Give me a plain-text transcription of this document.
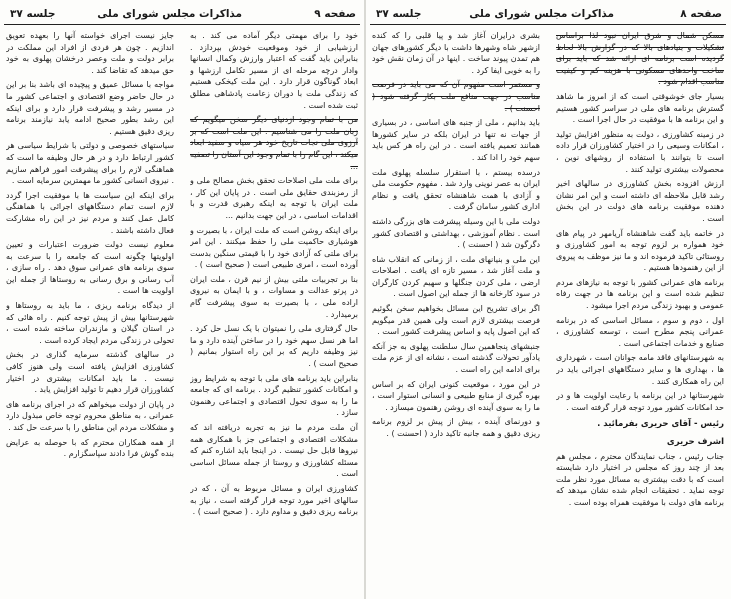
صفحه ۹
مذاکرات مجلس شورای ملی
جلسه ۳۷

خود را برای مهمتی دیگر آماده می کند . به ارزشیابی از خود وموقعیت خودش بپردازد . بنابراین باید گفت که اعتبار وارزش وکمال انسانها وادار درچه مرحله ای از مسیر تکامل ارزشها و ابعاد گوناگون قرار دارد . این ملت کیخکی هستیم که زندگی ملت با دوران زعامت پادشاهی مطلق ثبت شده است .

من با تمام وجود ازدنیای دیگر سخن میگویم که زبان ملت را می شناسیم . این ملت است که بر آرزوی ملی نجات تاریخ خود هر سیاه و سفید ابعاد میکند ، این گام را با تمام وجود این آستان را تصفیه ...

برای ملت ملی اصلاحات تحقق بخش مصالح ملی و از رمزبندی حقایق ملی است . در پایان این کار ، ملت ایران با توجه به اینکه رهبری قدرت و با اقدامات اساسی ، در این جهت بدانیم ...

برای اینکه روشن است که ملت ایران ، با بصیرت و هوشیاری حاکمیت ملی را حفظ میکنند . این امر برای ملتی که آزادی خود را با قیمتی سنگین بدست آورده است ، امری طبیعی است ( صحیح است ) .

بنا بر تجربیات ملتی بیش از نیم قرن ، ملت ایران در پرتو عدالت و مساوات ، و با ایمان به نیروی اراده ملی ، با بصیرت به سوی پیشرفت گام برمیدارد .

حال گرفتاری ملی را نمیتوان با یک نسل حل کرد . اما هر نسل سهم خود را در ساختن آینده دارد و ما نیز وظیفه داریم که بر این راه استوار بمانیم ( صحیح است ) .

بنابراین باید برنامه های ملی با توجه به شرایط روز و امکانات کشور تنظیم گردد . برنامه ای که جامعه ما را به سوی تحول اقتصادی و اجتماعی رهنمون سازد .

آن ملت مردم ما نیز به تجربه دریافته اند که مشکلات اقتصادی و اجتماعی جز با همکاری همه نیروها قابل حل نیست . در اینجا باید اشاره کنم که مسئله کشاورزی و روستا از جمله مسائل اساسی است .

کشاورزی ایران و مسائل مربوط به آن ، که در سالهای اخیر مورد توجه قرار گرفته است ، نیاز به برنامه ریزی دقیق و مداوم دارد . ( صحیح است ) .

جایز نیست اجرای خواسته آنها را بعهده تعویق اندازیم . چون هر فردی از افراد این مملکت در برابر دولت و ملت وعصر درخشان پهلوی به خود حق میدهد که تقاضا کند .

مواجه با مسائل عمیق و پیچیده ای باشد بنا بر این در حال حاضر وضع اقتصادی و اجتماعی کشور ما در مسیر رشد و پیشرفت قرار دارد و برای اینکه این رشد بطور صحیح ادامه یابد نیازمند برنامه ریزی دقیق هستیم .

سیاستهای خصوصی و دولتی با شرایط سیاسی هر کشور ارتباط دارد و در هر حال وظیفه ما است که هماهنگی لازم را برای پیشرفت امور فراهم سازیم . نیروی انسانی کشور ما مهمترین سرمایه است .

برای اینکه این سیاست ها با موفقیت اجرا گردد لازم است تمام دستگاههای اجرائی با هماهنگی کامل عمل کنند و مردم نیز در این راه مشارکت فعال داشته باشند .

معلوم نیست دولت ضرورت اعتبارات و تعیین اولویتها چگونه است که جامعه را با سرعت به سوی برنامه های عمرانی سوق دهد . راه سازی ، آب رسانی و برق رسانی به روستاها از جمله این اولویت ها است .

از دیدگاه برنامه ریزی ، ما باید به روستاها و شهرستانها بیش از پیش توجه کنیم . راه هائی که در استان گیلان و مازندران ساخته شده است ، تحولی در زندگی مردم ایجاد کرده است .

در سالهای گذشته سرمایه گذاری در بخش کشاورزی افزایش یافته است ولی هنوز کافی نیست . ما باید امکانات بیشتری در اختیار کشاورزان قرار دهیم تا تولید افزایش یابد .

در پایان از دولت میخواهم که در اجرای برنامه های عمرانی ، به مناطق محروم توجه خاص مبذول دارد و مشکلات مردم این مناطق را با سرعت حل کند .

از همه همکاران محترم که با حوصله به عرایض بنده گوش فرا دادند سپاسگزارم .

صفحه ۸
مذاکرات مجلس شورای ملی
جلسه ۳۷

مسکن شمال و شرق ایران نبود لذا براساس تشکیلات و بنیادهای بالا که در گزارش بالا لحاظ گردیده است برنامه ای ارائه شد که باید برای ساخت واحدهای مسکونی با هزینه کم و کیفیت مناسب اقدام شود .

بسیار جای خوشوقتی است که از امروز ما شاهد گسترش برنامه های ملی در سراسر کشور هستیم و این برنامه ها با موفقیت در حال اجرا است .

در زمینه کشاورزی ، دولت به منظور افزایش تولید ، امکانات وسیعی را در اختیار کشاورزان قرار داده است تا بتوانند با استفاده از روشهای نوین ، محصولات بیشتری تولید کنند .

ارزش افزوده بخش کشاورزی در سالهای اخیر رشد قابل ملاحظه ای داشته است و این امر نشان دهنده موفقیت برنامه های دولت در این بخش است .

در خاتمه باید گفت شاهنشاه آریامهر در پیام های خود همواره بر لزوم توجه به امور کشاورزی و روستائی تاکید فرموده اند و ما نیز موظف به پیروی از این رهنمودها هستیم .

برنامه های عمرانی کشور با توجه به نیازهای مردم تنظیم شده است و این برنامه ها در جهت رفاه عمومی و بهبود زندگی مردم اجرا میشود .

اول ، دوم و سوم ، مسائل اساسی که در برنامه عمرانی پنجم مطرح است ، توسعه کشاورزی ، صنایع و خدمات اجتماعی است .

به شهرستانهای فاقد مامه جوانان است ، شهرداری ها ، بهداری ها و سایر دستگاههای اجرائی باید در این راه همکاری کنند .

شهرستانها در این برنامه با رعایت اولویت ها و در حد امکانات کشور مورد توجه قرار گرفته است .

رئیس - آقای حریری بفرمائید .
اشرف حریری

جناب رئیس ، جناب نمایندگان محترم ، مجلس هم بعد از چند روز که مجلس در اختیار دارد شایسته است که با دقت بیشتری به مسائل مورد نظر ملت توجه نماید . تحقیقات انجام شده نشان میدهد که برنامه های دولت با موفقیت همراه بوده است .

بشری درایران آغاز شد و پیا قلبی را که کنده ازشهر شاه وشهرها داشت با دیگر کشورهای جهان هم تمدن پیوند ساخت . اینها در آن زمان نقش خود را به خوبی ایفا کرد .

و مستمر است مفهوم آن که می باید در فرصت مناسب در جهت منافع ملت بکار گرفته شود ( احسنت ) .

باید بدانیم ، ملی از جنبه های اساسی ، در بسیاری از جهات نه تنها در ایران بلکه در سایر کشورها همانند تعمیم یافته است . در این راه هر کس باید سهم خود را ادا کند .

درسده بیستم ، با استقرار سلسله پهلوی ملت ایران به عصر نوینی وارد شد . مفهوم حکومت ملی و آزادی با همت شاهنشاه تحقق یافت و نظام اداری کشور سامان گرفت .

دولت ملی با این وسیله پیشرفت های بزرگی داشته است . نظام آموزشی ، بهداشتی و اقتصادی کشور دگرگون شد ( احسنت ) .

این ملی و بنیانهای ملت ، از زمانی که انقلاب شاه و ملت آغاز شد ، مسیر تازه ای یافت . اصلاحات ارضی ، ملی کردن جنگلها و سهیم کردن کارگران در سود کارخانه ها از جمله این اصول است .

اگر برای تشریح این مسائل بخواهیم سخن بگوئیم فرصت بیشتری لازم است ولی همین قدر میگویم که این اصول پایه و اساس پیشرفت کشور است .

جنبشهای پنجاهمین سال سلطنت پهلوی به جز آنکه یادآور تحولات گذشته است ، نشانه ای از عزم ملت برای ادامه این راه است .

در این مورد ، موقعیت کنونی ایران که بر اساس بهره گیری از منابع طبیعی و انسانی استوار است ، ما را به سوی آینده ای روشن رهنمون میسازد .

و دورنمای آینده ، بیش از پیش بر لزوم برنامه ریزی دقیق و همه جانبه تاکید دارد ( احسنت ) .
